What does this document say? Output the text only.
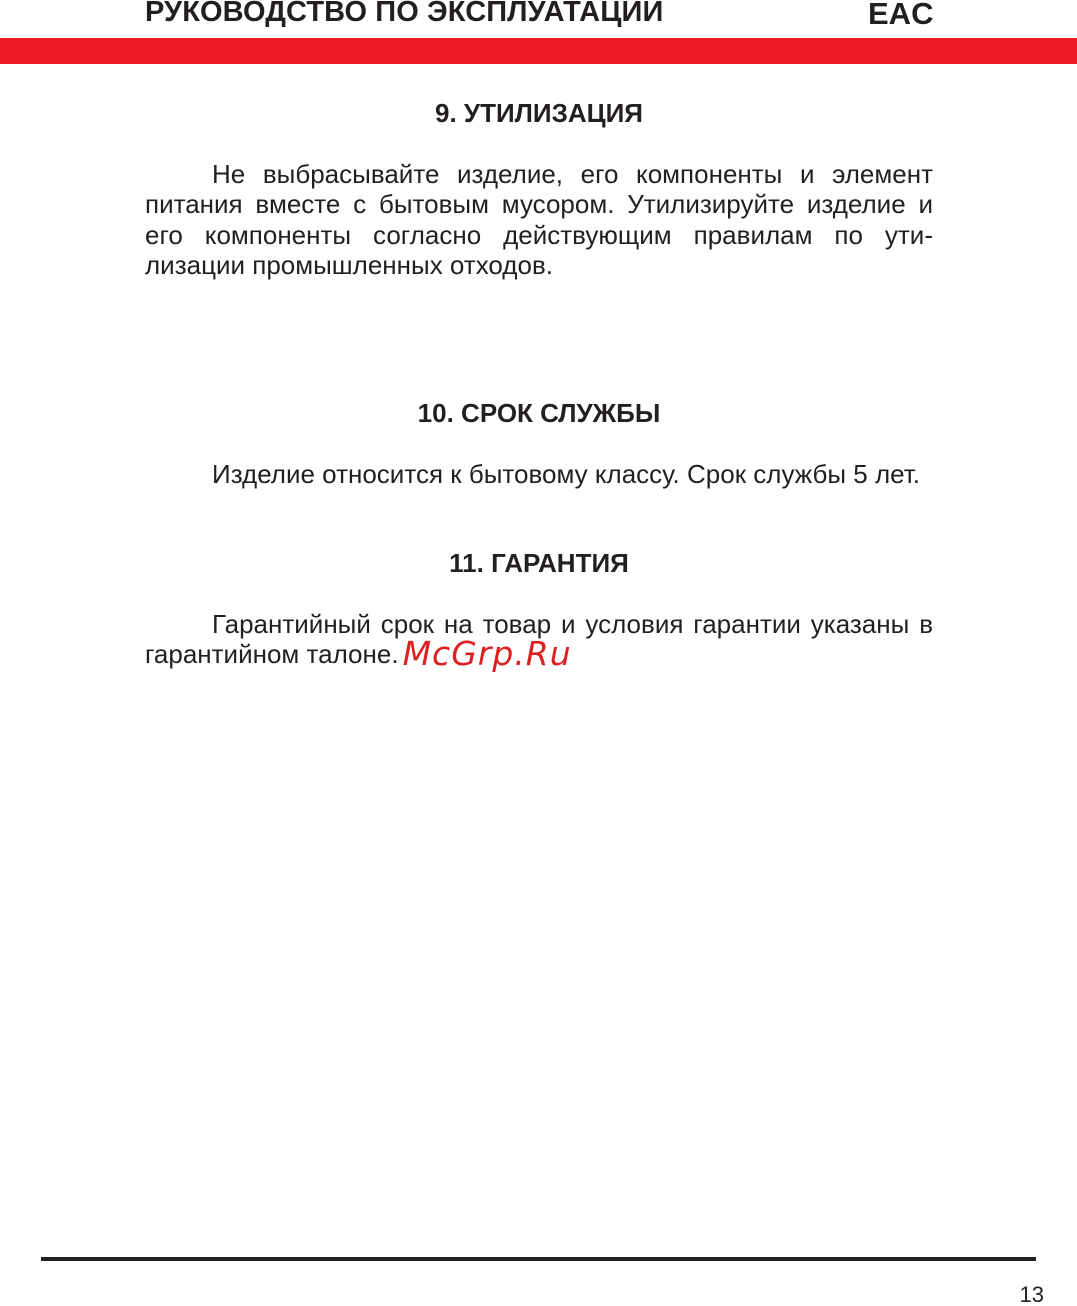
РУКОВОДСТВО ПО ЭКСПЛУАТАЦИИ	EAC
9. УТИЛИЗАЦИЯ

Не выбрасывайте изделие, его компоненты и элемент питания вместе с бытовым мусором. Утилизируйте изделие и его компоненты согласно действующим правилам по ути- лизации промышленных отходов.

10. СРОК СЛУЖБЫ

Изделие относится к бытовому классу. Срок службы 5 лет.

11. ГАРАНТИЯ

Гарантийный срок на товар и условия гарантии указаны в гарантийном талоне. McGrp.Ru

13
